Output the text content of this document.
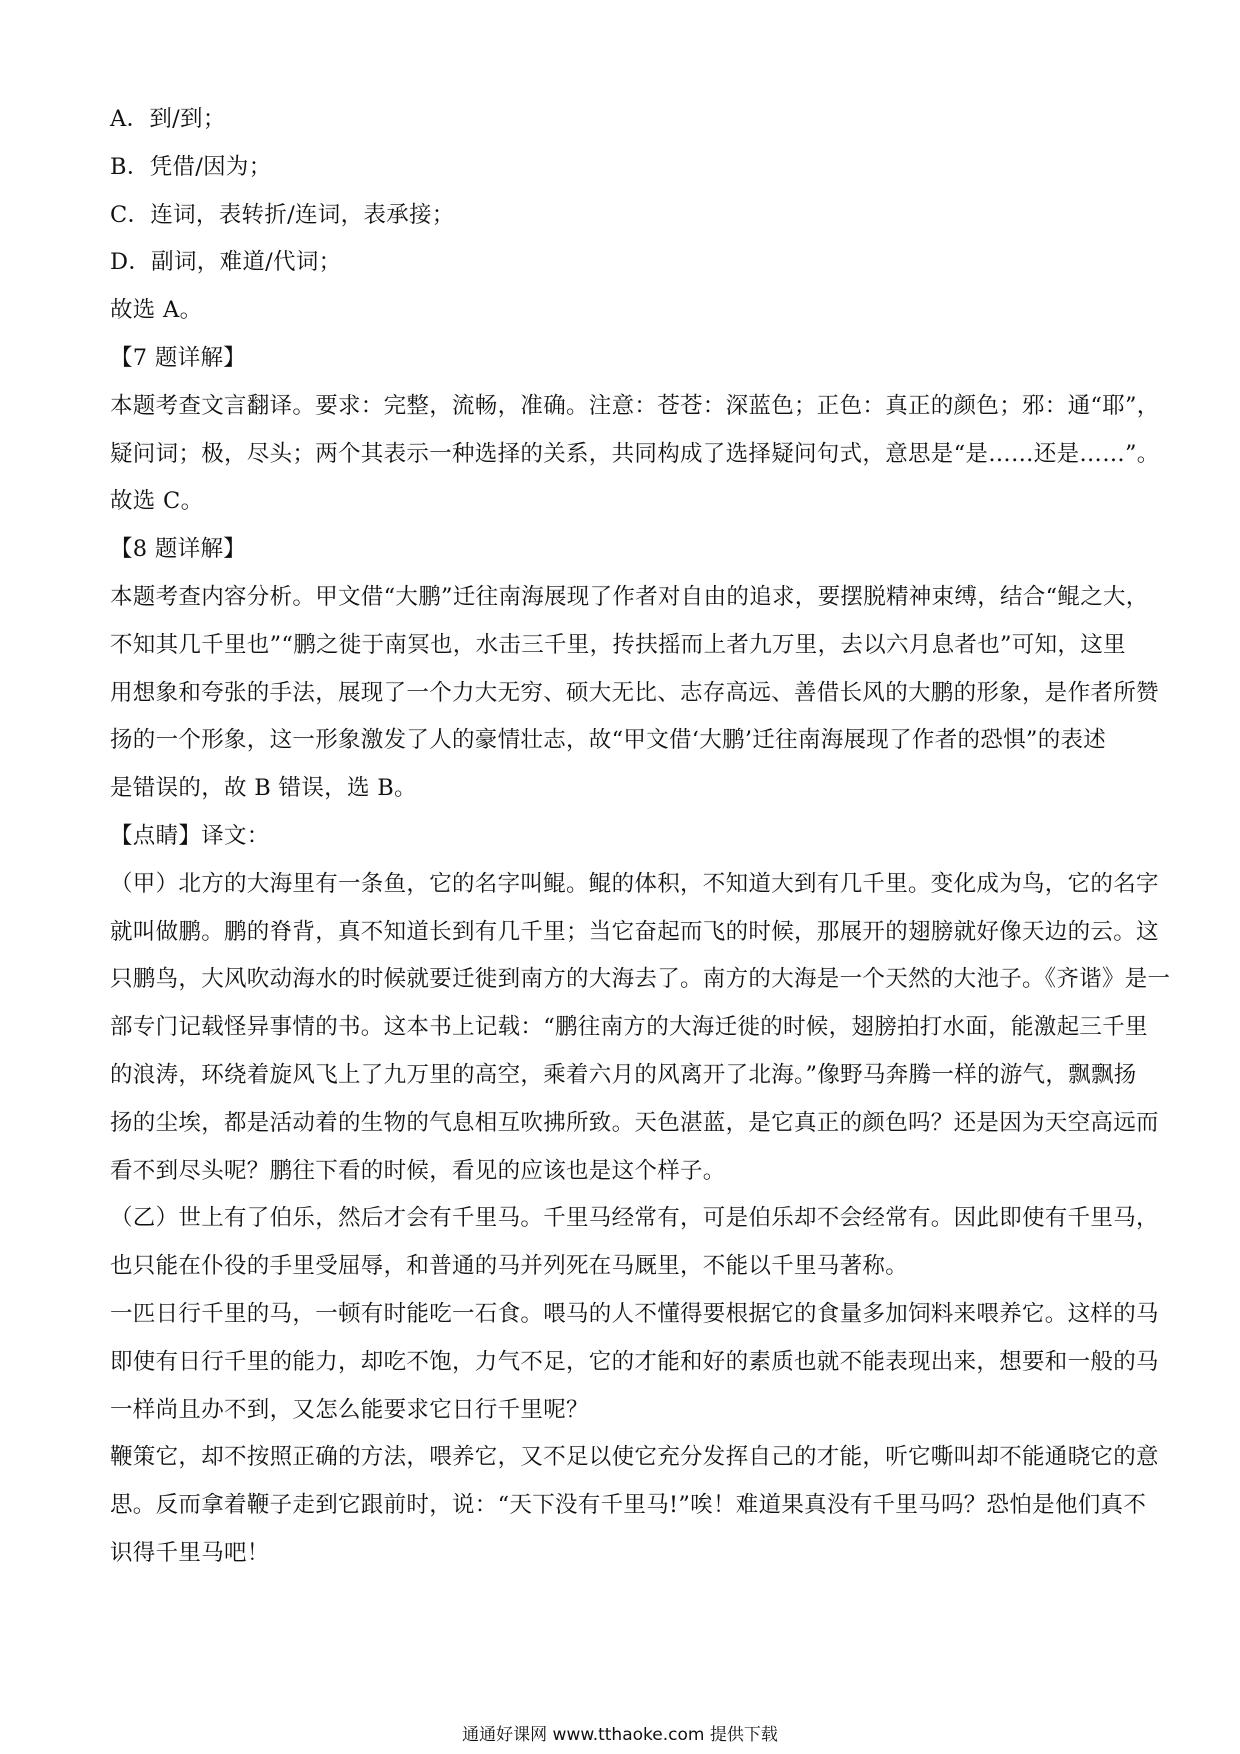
A．到/到；

B．凭借/因为；

C．连词，表转折/连词，表承接；

D．副词，难道/代词；

故选 A。

【7 题详解】

本题考查文言翻译。要求：完整，流畅，准确。注意：苍苍：深蓝色；正色：真正的颜色；邪：通“耶”，

疑问词；极，尽头；两个其表示一种选择的关系，共同构成了选择疑问句式，意思是“是……还是……”。

故选 C。

【8 题详解】

本题考查内容分析。甲文借“大鹏”迁往南海展现了作者对自由的追求，要摆脱精神束缚，结合“鲲之大，

不知其几千里也”“鹏之徙于南冥也，水击三千里，抟扶摇而上者九万里，去以六月息者也”可知，这里

用想象和夸张的手法，展现了一个力大无穷、硕大无比、志存高远、善借长风的大鹏的形象，是作者所赞

扬的一个形象，这一形象激发了人的豪情壮志，故“甲文借‘大鹏’迁往南海展现了作者的恐惧”的表述

是错误的，故 B 错误，选 B。

【点睛】译文：

（甲）北方的大海里有一条鱼，它的名字叫鲲。鲲的体积，不知道大到有几千里。变化成为鸟，它的名字

就叫做鹏。鹏的脊背，真不知道长到有几千里；当它奋起而飞的时候，那展开的翅膀就好像天边的云。这

只鹏鸟，大风吹动海水的时候就要迁徙到南方的大海去了。南方的大海是一个天然的大池子。《齐谐》是一

部专门记载怪异事情的书。这本书上记载：“鹏往南方的大海迁徙的时候，翅膀拍打水面，能激起三千里

的浪涛，环绕着旋风飞上了九万里的高空，乘着六月的风离开了北海。”像野马奔腾一样的游气，飘飘扬

扬的尘埃，都是活动着的生物的气息相互吹拂所致。天色湛蓝，是它真正的颜色吗？还是因为天空高远而

看不到尽头呢？鹏往下看的时候，看见的应该也是这个样子。

（乙）世上有了伯乐，然后才会有千里马。千里马经常有，可是伯乐却不会经常有。因此即使有千里马，

也只能在仆役的手里受屈辱，和普通的马并列死在马厩里，不能以千里马著称。

一匹日行千里的马，一顿有时能吃一石食。喂马的人不懂得要根据它的食量多加饲料来喂养它。这样的马

即使有日行千里的能力，却吃不饱，力气不足，它的才能和好的素质也就不能表现出来，想要和一般的马

一样尚且办不到，又怎么能要求它日行千里呢？

鞭策它，却不按照正确的方法，喂养它，又不足以使它充分发挥自己的才能，听它嘶叫却不能通晓它的意

思。反而拿着鞭子走到它跟前时，说：“天下没有千里马!”唉！难道果真没有千里马吗？恐怕是他们真不

识得千里马吧！

通通好课网 www.tthaoke.com 提供下载
